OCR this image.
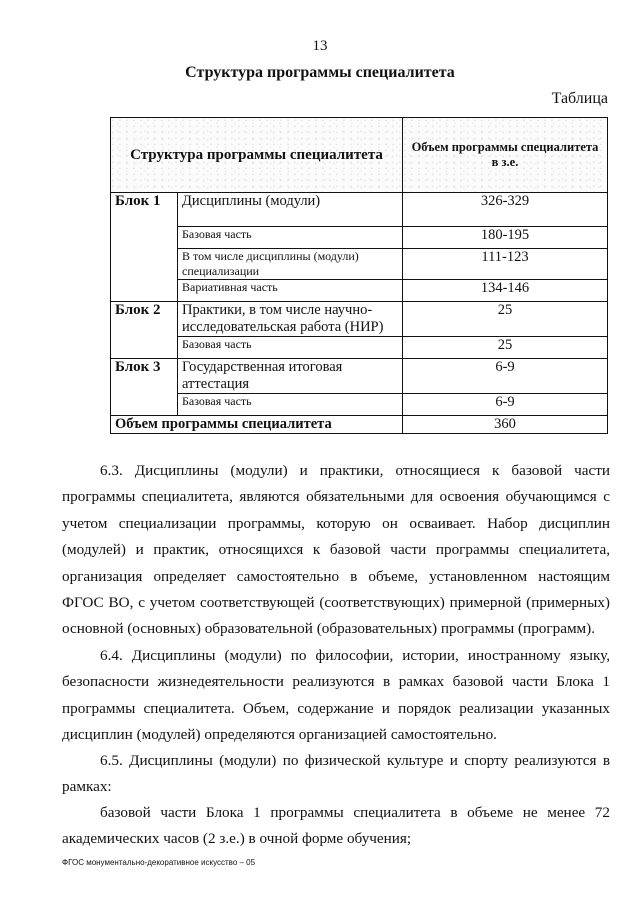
13
Структура программы специалитета
Таблица
Структура программы специалитета		Объем программы специалитета в з.е.
Блок 1	Дисциплины (модули)	326-329
	Базовая часть	180-195
	В том числе дисциплины (модули) специализации	111-123
	Вариативная часть	134-146
Блок 2	Практики, в том числе научно-исследовательская работа (НИР)	25
	Базовая часть	25
Блок 3	Государственная итоговая аттестация	6-9
	Базовая часть	6-9
Объем программы специалитета		360

6.3. Дисциплины (модули) и практики, относящиеся к базовой части программы специалитета, являются обязательными для освоения обучающимся с учетом специализации программы, которую он осваивает. Набор дисциплин (модулей) и практик, относящихся к базовой части программы специалитета, организация определяет самостоятельно в объеме, установленном настоящим ФГОС ВО, с учетом соответствующей (соответствующих) примерной (примерных) основной (основных) образовательной (образовательных) программы (программ).

6.4. Дисциплины (модули) по философии, истории, иностранному языку, безопасности жизнедеятельности реализуются в рамках базовой части Блока 1 программы специалитета. Объем, содержание и порядок реализации указанных дисциплин (модулей) определяются организацией самостоятельно.

6.5. Дисциплины (модули) по физической культуре и спорту реализуются в рамках:

базовой части Блока 1 программы специалитета в объеме не менее 72 академических часов (2 з.е.) в очной форме обучения;

ФГОС монументально-декоративное искусство – 05
